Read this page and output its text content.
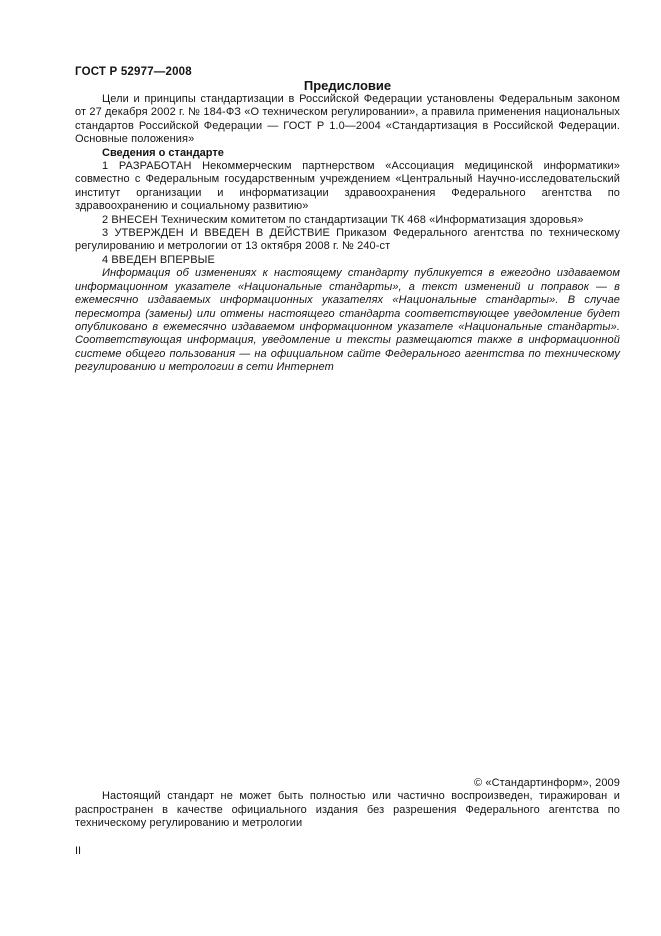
ГОСТ Р 52977—2008

Предисловие

Цели и принципы стандартизации в Российской Федерации установлены Федеральным законом от 27 декабря 2002 г. № 184-ФЗ «О техническом регулировании», а правила применения национальных стандартов Российской Федерации — ГОСТ Р 1.0—2004 «Стандартизация в Российской Федерации. Основные положения»

Сведения о стандарте

1 РАЗРАБОТАН Некоммерческим партнерством «Ассоциация медицинской информатики» совместно с Федеральным государственным учреждением «Центральный Научно-исследовательский институт организации и информатизации здравоохранения Федерального агентства по здравоохранению и социальному развитию»

2 ВНЕСЕН Техническим комитетом по стандартизации ТК 468 «Информатизация здоровья»

3 УТВЕРЖДЕН И ВВЕДЕН В ДЕЙСТВИЕ Приказом Федерального агентства по техническому регулированию и метрологии от 13 октября 2008 г. № 240-ст

4 ВВЕДЕН ВПЕРВЫЕ

Информация об изменениях к настоящему стандарту публикуется в ежегодно издаваемом информационном указателе «Национальные стандарты», а текст изменений и поправок — в ежемесячно издаваемых информационных указателях «Национальные стандарты». В случае пересмотра (замены) или отмены настоящего стандарта соответствующее уведомление будет опубликовано в ежемесячно издаваемом информационном указателе «Национальные стандарты». Соответствующая информация, уведомление и тексты размещаются также в информационной системе общего пользования — на официальном сайте Федерального агентства по техническому регулированию и метрологии в сети Интернет

© «Стандартинформ», 2009

Настоящий стандарт не может быть полностью или частично воспроизведен, тиражирован и распространен в качестве официального издания без разрешения Федерального агентства по техническому регулированию и метрологии

II
